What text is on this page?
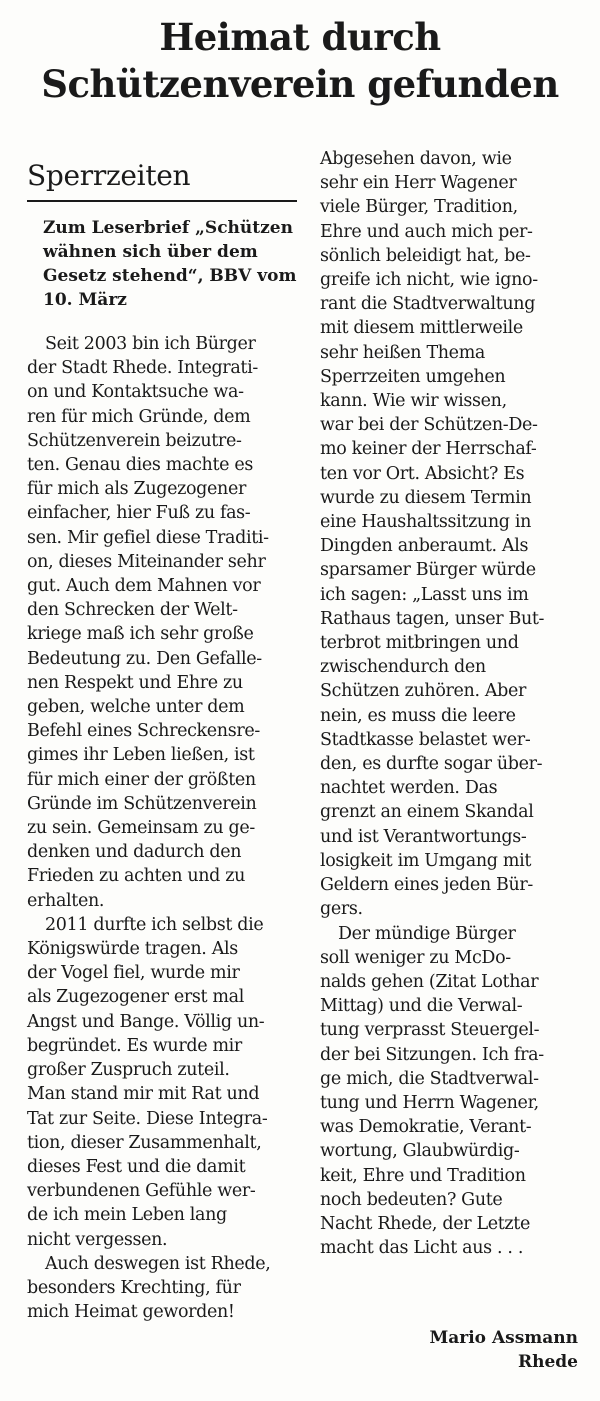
Heimat durch
Schützenverein gefunden
Sperrzeiten
Zum Leserbrief „Schützen wähnen sich über dem Gesetz stehend“, BBV vom 10. März

Seit 2003 bin ich Bürger
der Stadt Rhede. Integrati-
on und Kontaktsuche wa-
ren für mich Gründe, dem
Schützenverein beizutre-
ten. Genau dies machte es
für mich als Zugezogener
einfacher, hier Fuß zu fas-
sen. Mir gefiel diese Traditi-
on, dieses Miteinander sehr
gut. Auch dem Mahnen vor
den Schrecken der Welt-
kriege maß ich sehr große
Bedeutung zu. Den Gefalle-
nen Respekt und Ehre zu
geben, welche unter dem
Befehl eines Schreckensre-
gimes ihr Leben ließen, ist
für mich einer der größten
Gründe im Schützenverein
zu sein. Gemeinsam zu ge-
denken und dadurch den
Frieden zu achten und zu
erhalten.

2011 durfte ich selbst die
Königswürde tragen. Als
der Vogel fiel, wurde mir
als Zugezogener erst mal
Angst und Bange. Völlig un-
begründet. Es wurde mir
großer Zuspruch zuteil.
Man stand mir mit Rat und
Tat zur Seite. Diese Integra-
tion, dieser Zusammenhalt,
dieses Fest und die damit
verbundenen Gefühle wer-
de ich mein Leben lang
nicht vergessen.

Auch deswegen ist Rhede,
besonders Krechting, für
mich Heimat geworden!

Abgesehen davon, wie
sehr ein Herr Wagener
viele Bürger, Tradition,
Ehre und auch mich per-
sönlich beleidigt hat, be-
greife ich nicht, wie igno-
rant die Stadtverwaltung
mit diesem mittlerweile
sehr heißen Thema
Sperrzeiten umgehen
kann. Wie wir wissen,
war bei der Schützen-De-
mo keiner der Herrschaf-
ten vor Ort. Absicht? Es
wurde zu diesem Termin
eine Haushaltssitzung in
Dingden anberaumt. Als
sparsamer Bürger würde
ich sagen: „Lasst uns im
Rathaus tagen, unser But-
terbrot mitbringen und
zwischendurch den
Schützen zuhören. Aber
nein, es muss die leere
Stadtkasse belastet wer-
den, es durfte sogar über-
nachtet werden. Das
grenzt an einem Skandal
und ist Verantwortungs-
losigkeit im Umgang mit
Geldern eines jeden Bür-
gers.

Der mündige Bürger
soll weniger zu McDo-
nalds gehen (Zitat Lothar
Mittag) und die Verwal-
tung verprasst Steuergel-
der bei Sitzungen. Ich fra-
ge mich, die Stadtverwal-
tung und Herrn Wagener,
was Demokratie, Verant-
wortung, Glaubwürdig-
keit, Ehre und Tradition
noch bedeuten? Gute
Nacht Rhede, der Letzte
macht das Licht aus . . .

Mario Assmann
Rhede
